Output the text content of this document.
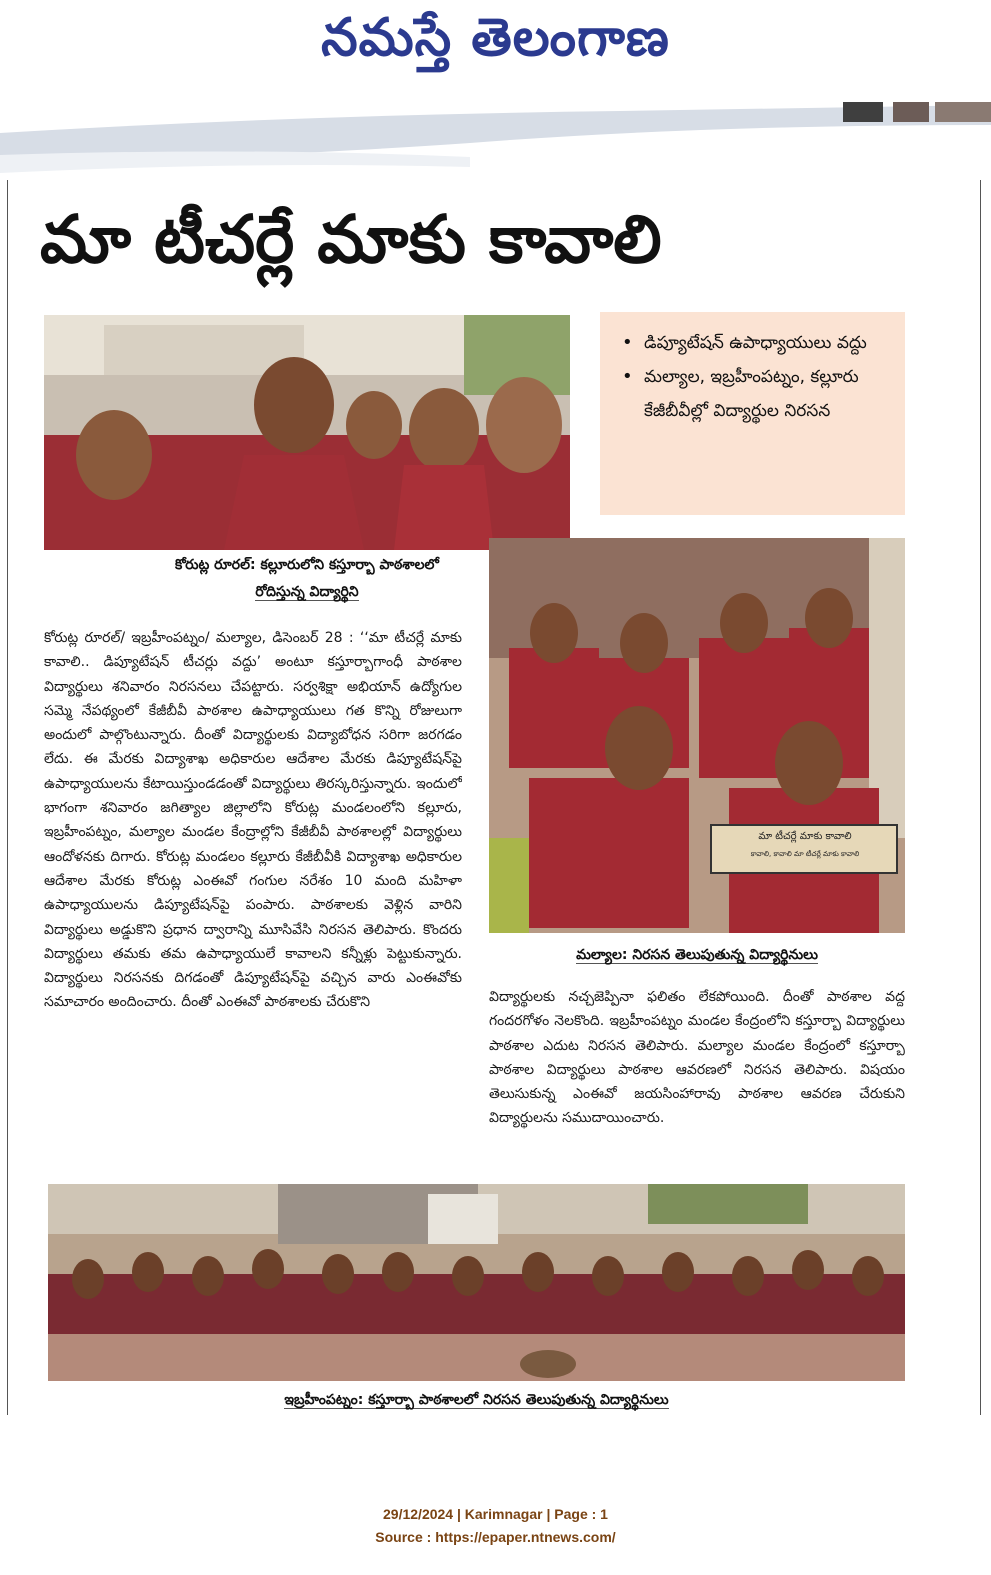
నమస్తే తెలంగాణ
మా టీచర్లే మాకు కావాలి
కోరుట్ల రూరల్: కల్లూరులోని కస్తూర్బా పాఠశాలలో
రోదిస్తున్న విద్యార్థిని
• డిప్యూటేషన్ ఉపాధ్యాయులు వద్దు
• మల్యాల, ఇబ్రహీంపట్నం, కల్లూరు కేజీబీవీల్లో విద్యార్థుల నిరసన
మా టీచర్లే మాకు కావాలి
కావాలి, కావాలి మా టీచర్లే మాకు కావాలి
మల్యాల: నిరసన తెలుపుతున్న విద్యార్థినులు
కోరుట్ల రూరల్/ ఇబ్రహీంపట్నం/ మల్యాల, డిసెంబర్ 28 : ‘‘మా టీచర్లే మాకు కావాలి.. డిప్యూటేషన్ టీచర్లు వద్దు’ అంటూ కస్తూర్బాగాంధీ పాఠశాల విద్యార్థులు శనివారం నిరసనలు చేపట్టారు. సర్వశిక్షా అభియాన్ ఉద్యోగుల సమ్మె నేపథ్యంలో కేజీబీవీ పాఠశాల ఉపాధ్యాయులు గత కొన్ని రోజులుగా అందులో పాల్గొంటున్నారు. దీంతో విద్యార్థులకు విద్యాబోధన సరిగా జరగడం లేదు. ఈ మేరకు విద్యాశాఖ అధికారుల ఆదేశాల మేరకు డిప్యూటేషన్‌పై ఉపాధ్యాయులను కేటాయిస్తుండడంతో విద్యార్థులు తిరస్కరిస్తున్నారు. ఇందులో భాగంగా శనివారం జగిత్యాల జిల్లాలోని కోరుట్ల మండలంలోని కల్లూరు, ఇబ్రహీంపట్నం, మల్యాల మండల కేంద్రాల్లోని కేజీబీవీ పాఠశాలల్లో విద్యార్థులు ఆందోళనకు దిగారు. కోరుట్ల మండలం కల్లూరు కేజీబీవీకి విద్యాశాఖ అధికారుల ఆదేశాల మేరకు కోరుట్ల ఎంఈవో గంగుల నరేశం 10 మంది మహిళా ఉపాధ్యాయులను డిప్యూటేషన్‌పై పంపారు. పాఠశాలకు వెళ్లిన వారిని విద్యార్థులు అడ్డుకొని ప్రధాన ద్వారాన్ని మూసివేసి నిరసన తెలిపారు. కొందరు విద్యార్థులు తమకు తమ ఉపాధ్యాయులే కావాలని కన్నీళ్లు పెట్టుకున్నారు. విద్యార్థులు నిరసనకు దిగడంతో డిప్యూటేషన్‌పై వచ్చిన వారు ఎంఈవోకు సమాచారం అందించారు. దీంతో ఎంఈవో పాఠశాలకు చేరుకొని	విద్యార్థులకు నచ్చజెప్పినా ఫలితం లేకపోయింది. దీంతో పాఠశాల వద్ద గందరగోళం నెలకొంది. ఇబ్రహీంపట్నం మండల కేంద్రంలోని కస్తూర్బా విద్యార్థులు పాఠశాల ఎదుట నిరసన తెలిపారు. మల్యాల మండల కేంద్రంలో కస్తూర్బా పాఠశాల విద్యార్థులు పాఠశాల ఆవరణలో నిరసన తెలిపారు. విషయం తెలుసుకున్న ఎంఈవో జయసింహారావు పాఠశాల ఆవరణ చేరుకుని విద్యార్థులను సముదాయించారు.
ఇబ్రహీంపట్నం: కస్తూర్బా పాఠశాలలో నిరసన తెలుపుతున్న విద్యార్థినులు
29/12/2024 | Karimnagar | Page : 1
Source : https://epaper.ntnews.com/
